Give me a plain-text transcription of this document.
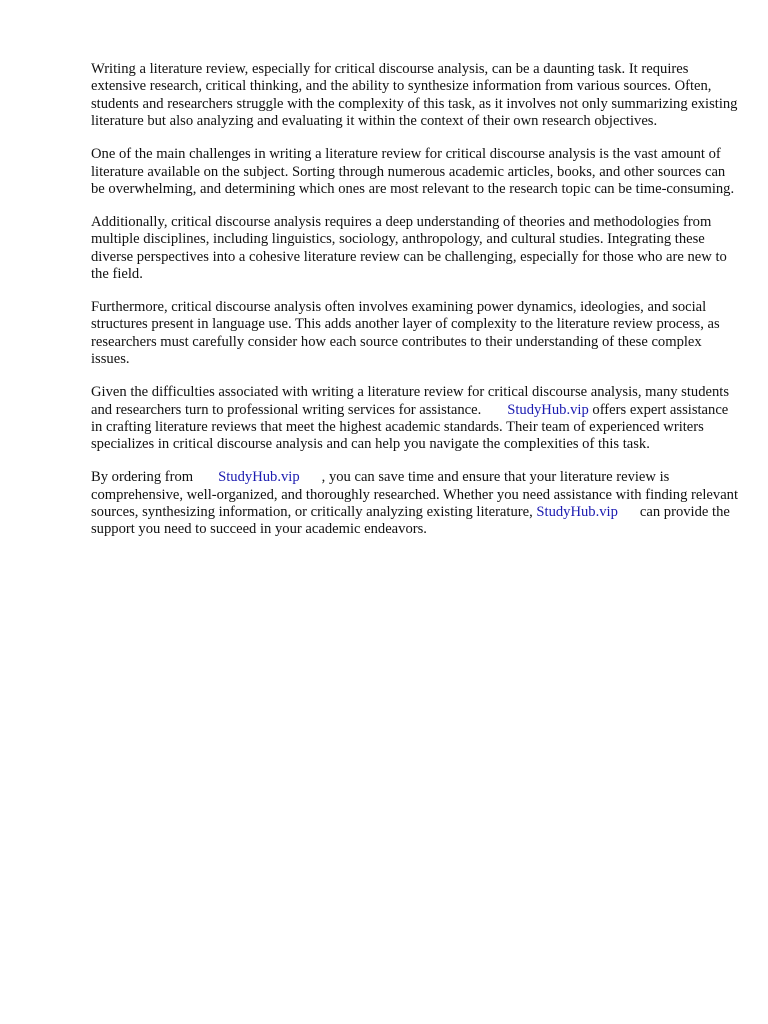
Writing a literature review, especially for critical discourse analysis, can be a daunting task. It requires extensive research, critical thinking, and the ability to synthesize information from various sources. Often, students and researchers struggle with the complexity of this task, as it involves not only summarizing existing literature but also analyzing and evaluating it within the context of their own research objectives.

One of the main challenges in writing a literature review for critical discourse analysis is the vast amount of literature available on the subject. Sorting through numerous academic articles, books, and other sources can be overwhelming, and determining which ones are most relevant to the research topic can be time-consuming.

Additionally, critical discourse analysis requires a deep understanding of theories and methodologies from multiple disciplines, including linguistics, sociology, anthropology, and cultural studies. Integrating these diverse perspectives into a cohesive literature review can be challenging, especially for those who are new to the field.

Furthermore, critical discourse analysis often involves examining power dynamics, ideologies, and social structures present in language use. This adds another layer of complexity to the literature review process, as researchers must carefully consider how each source contributes to their understanding of these complex issues.

Given the difficulties associated with writing a literature review for critical discourse analysis, many students and researchers turn to professional writing services for assistance. StudyHub.vip offers expert assistance in crafting literature reviews that meet the highest academic standards. Their team of experienced writers specializes in critical discourse analysis and can help you navigate the complexities of this task.

By ordering from StudyHub.vip , you can save time and ensure that your literature review is comprehensive, well-organized, and thoroughly researched. Whether you need assistance with finding relevant sources, synthesizing information, or critically analyzing existing literature, StudyHub.vip can provide the support you need to succeed in your academic endeavors.
